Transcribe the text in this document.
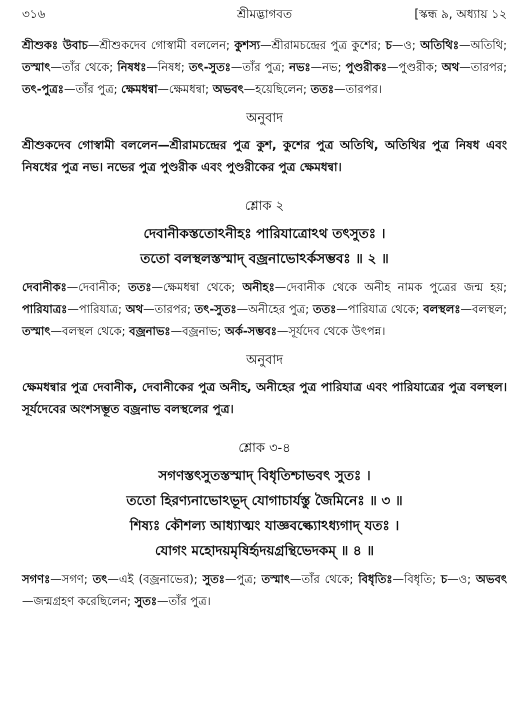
৩১৬	শ্রীমদ্ভাগবত	[স্কন্ধ ৯, অধ্যায় ১২

শ্রীশুকঃ উবাচ—শ্রীশুকদেব গোস্বামী বললেন; কুশস্য—শ্রীরামচন্দ্রের পুত্র কুশের; চ—ও; অতিথিঃ—অতিথি; তস্মাৎ—তাঁর থেকে; নিষধঃ—নিষধ; তৎ-সুতঃ—তাঁর পুত্র; নভঃ—নভ; পুণ্ডরীকঃ—পুণ্ডরীক; অথ—তারপর; তৎ-পুত্রঃ—তাঁর পুত্র; ক্ষেমধন্বা—ক্ষেমধন্বা; অভবৎ—হয়েছিলেন; ততঃ—তারপর।

অনুবাদ

শ্রীশুকদেব গোস্বামী বললেন—শ্রীরামচন্দ্রের পুত্র কুশ, কুশের পুত্র অতিথি, অতিথির পুত্র নিষধ এবং নিষধের পুত্র নভ। নভের পুত্র পুণ্ডরীক এবং পুণ্ডরীকের পুত্র ক্ষেমধন্বা।

শ্লোক ২

দেবানীকস্ততোঽনীহঃ পারিযাত্রোঽথ তৎসুতঃ ।

ততো বলস্থলস্তস্মাদ্ বজ্রনাভোঽর্কসম্ভবঃ ॥ ২ ॥

দেবানীকঃ—দেবানীক; ততঃ—ক্ষেমধন্বা থেকে; অনীহঃ—দেবানীক থেকে অনীহ নামক পুত্রের জন্ম হয়; পারিযাত্রঃ—পারিযাত্র; অথ—তারপর; তৎ-সুতঃ—অনীহের পুত্র; ততঃ—পারিযাত্র থেকে; বলস্থলঃ—বলস্থল; তস্মাৎ—বলস্থল থেকে; বজ্রনাভঃ—বজ্রনাভ; অর্ক-সম্ভবঃ—সূর্যদেব থেকে উৎপন্ন।

অনুবাদ

ক্ষেমধন্বার পুত্র দেবানীক, দেবানীকের পুত্র অনীহ, অনীহের পুত্র পারিযাত্র এবং পারিযাত্রের পুত্র বলস্থল। সূর্যদেবের অংশসম্ভূত বজ্রনাভ বলস্থলের পুত্র।

শ্লোক ৩-৪

সগণস্তৎসুতস্তস্মাদ্ বিধৃতিশ্চাভবৎ সুতঃ ।

ততো হিরণ্যনাভোঽভূদ্ যোগাচার্যস্তু জৈমিনেঃ ॥ ৩ ॥

শিষ্যঃ কৌশল্য আধ্যাত্মং যাজ্ঞবল্ক্যোঽধ্যগাদ্ যতঃ ।

যোগং মহোদয়মৃষির্হৃদয়গ্রন্থিভেদকম্ ॥ ৪ ॥

সগণঃ—সগণ; তৎ—এই (বজ্রনাভের); সুতঃ—পুত্র; তস্মাৎ—তাঁর থেকে; বিধৃতিঃ—বিধৃতি; চ—ও; অভবৎ—জন্মগ্রহণ করেছিলেন; সুতঃ—তাঁর পুত্র।
